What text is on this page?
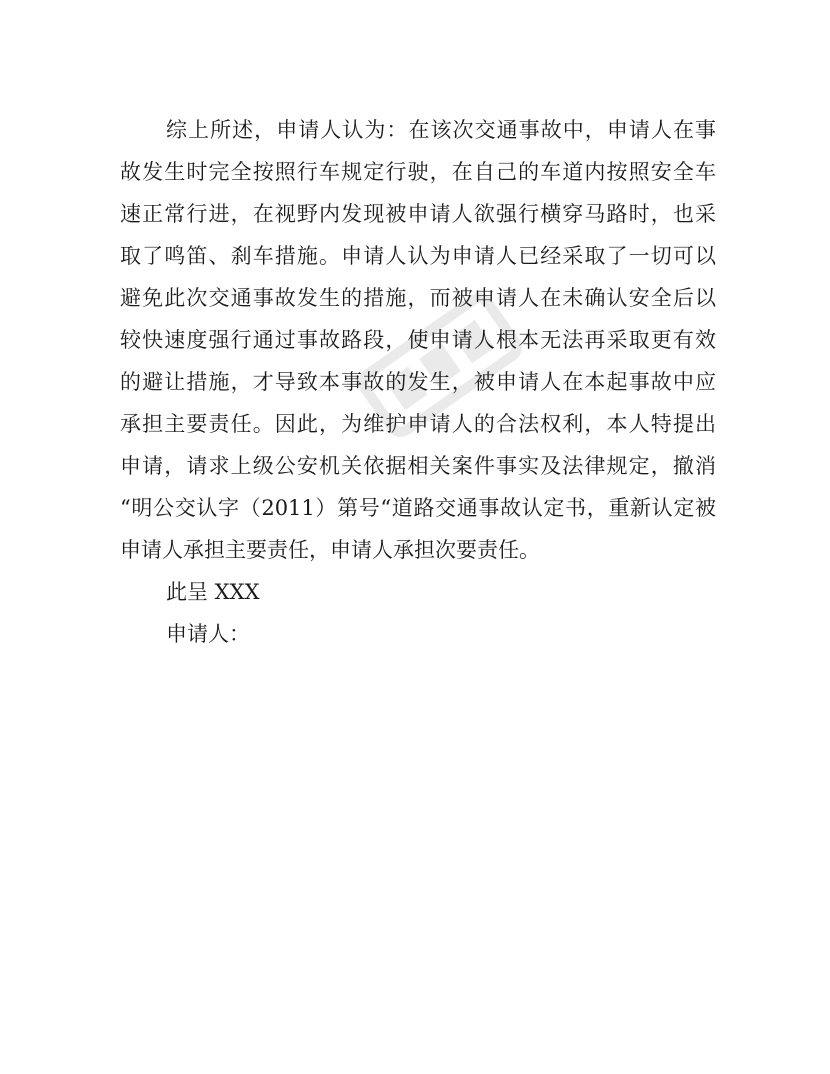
综上所述，申请人认为：在该次交通事故中，申请人在事
故发生时完全按照行车规定行驶，在自己的车道内按照安全车
速正常行进，在视野内发现被申请人欲强行横穿马路时，也采
取了鸣笛、刹车措施。申请人认为申请人已经采取了一切可以
避免此次交通事故发生的措施，而被申请人在未确认安全后以
较快速度强行通过事故路段，使申请人根本无法再采取更有效
的避让措施，才导致本事故的发生，被申请人在本起事故中应
承担主要责任。因此，为维护申请人的合法权利，本人特提出
申请，请求上级公安机关依据相关案件事实及法律规定，撤消
“明公交认字（2011）第号“道路交通事故认定书，重新认定被
申请人承担主要责任，申请人承担次要责任。
此呈 XXX
申请人：
